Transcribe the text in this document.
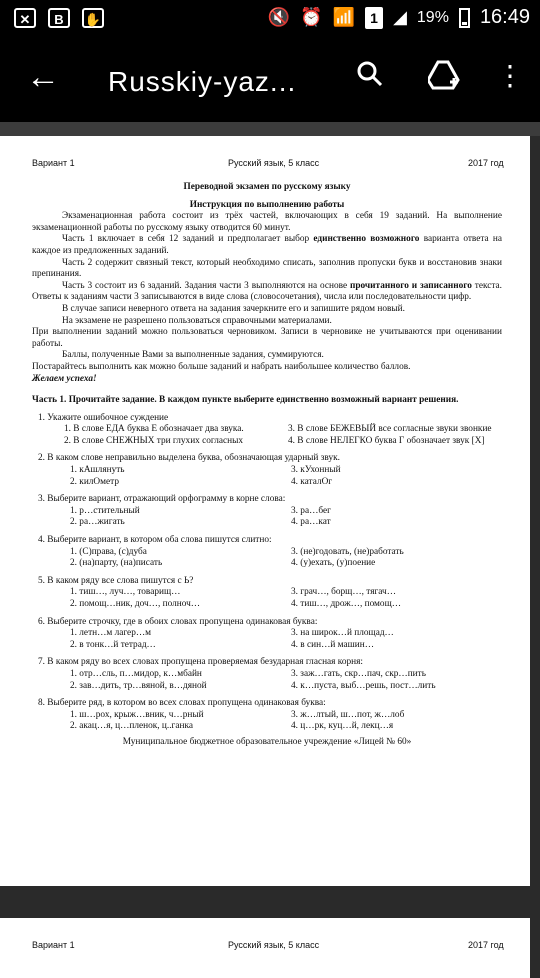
✕	В	✋	🔇 ⏰ 📶	1 ◢ 19% 16:49
← Russkiy-yaz...	⋮
Вариант 1	Русский язык, 5 класс	2017 год
Переводной экзамен по русскому языку
Инструкция по выполнению работы

Экзаменационная работа состоит из трёх частей, включающих в себя 19 заданий. На выполнение экзаменационной работы по русскому языку отводится 60 минут.

Часть 1 включает в себя 12 заданий и предполагает выбор единственно возможного варианта ответа на каждое из предложенных заданий.

Часть 2 содержит связный текст, который необходимо списать, заполнив пропуски букв и восстановив знаки препинания.

Часть 3 состоит из 6 заданий. Задания части 3 выполняются на основе прочитанного и записанного текста. Ответы к заданиям части 3 записываются в виде слова (словосочетания), числа или последовательности цифр.

В случае записи неверного ответа на задания зачеркните его и запишите рядом новый.

На экзамене не разрешено пользоваться справочными материалами.

При выполнении заданий можно пользоваться черновиком. Записи в черновике не учитываются при оценивании работы.

Баллы, полученные Вами за выполненные задания, суммируются.

Постарайтесь выполнить как можно больше заданий и набрать наибольшее количество баллов.

Желаем успеха!

Часть 1. Прочитайте задание. В каждом пункте выберите единственно возможный вариант решения.

1. Укажите ошибочное суждение
1. В слове ЕДА буква Е обозначает два звука.	3. В слове БЕЖЕВЫЙ все согласные звуки звонкие
2. В слове СНЕЖНЫХ три глухих согласных	4. В слове НЕЛЕГКО буква Г обозначает звук [X]
2. В каком слове неправильно выделена буква, обозначающая ударный звук.
1. кАшлянуть	3. кУхонный
2. килОметр	4. каталОг
3. Выберите вариант, отражающий орфограмму в корне слова:
1. р…стительный	3. ра…бег
2. ра…жигать	4. ра…кат
4. Выберите вариант, в котором оба слова пишутся слитно:
1. (С)права, (с)дуба	3. (не)годовать, (не)работать
2. (на)парту, (на)писать	4. (у)ехать, (у)поение
5. В каком ряду все слова пишутся с Ь?
1. тиш…, луч…, товарищ…	3. грач…, борщ…, тягач…
2. помощ…ник, доч…, полноч…	4. тиш…, дрож…, помощ…
6. Выберите строчку, где в обоих словах пропущена одинаковая буква:
1. летн…м лагер…м	3. на широк…й площад…
2. в тонк…й тетрад…	4. в син…й машин…
7. В каком ряду во всех словах пропущена проверяемая безударная гласная корня:
1. отр…сль, п…мидор, к…мбайн	3. заж…гать, скр…пач, скр…пить
2. зав…дить, тр…вяной, в…дяной	4. к…пуста, выб…решь, пост…лить
8. Выберите ряд, в котором во всех словах пропущена одинаковая буква:
1. ш…рох, крыж…вник, ч…рный	3. ж…лтый, ш…пот, ж…лоб
2. акац…я, ц…пленок, ц..ганка	4. ц…рк, куц…й, лекц…я
Муниципальное бюджетное образовательное учреждение «Лицей № 60»
Вариант 1	Русский язык, 5 класс	2017 год
